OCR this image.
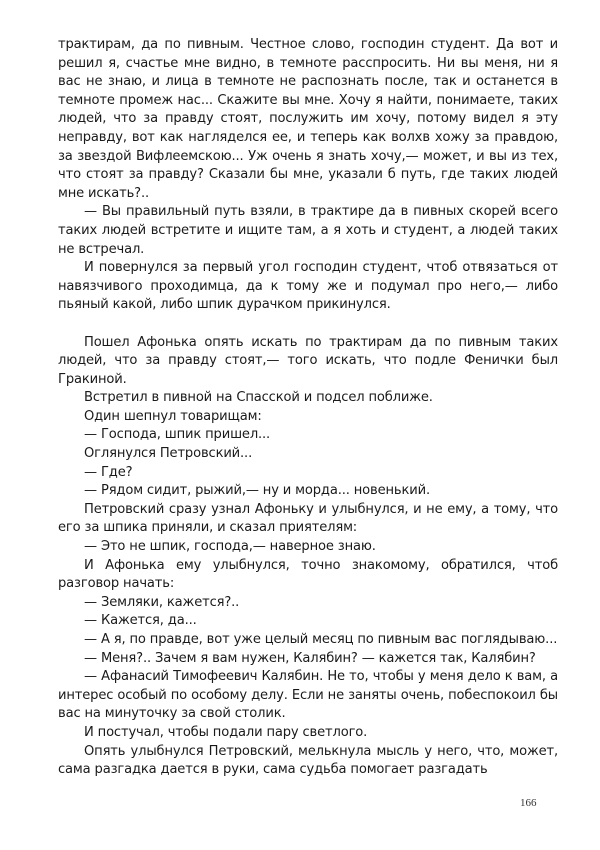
трактирам, да по пивным. Честное слово, господин студент. Да вот и решил я, счастье мне видно, в темноте расспросить. Ни вы меня, ни я вас не знаю, и лица в темноте не распознать после, так и останется в темноте промеж нас... Скажите вы мне. Хочу я найти, понимаете, таких людей, что за правду стоят, послужить им хочу, потому видел я эту неправду, вот как нагляделся ее, и теперь как волхв хожу за правдою, за звездой Вифлеемскою... Уж очень я знать хочу,— может, и вы из тех, что стоят за правду? Сказали бы мне, указали б путь, где таких людей мне искать?..

— Вы правильный путь взяли, в трактире да в пивных скорей всего таких людей встретите и ищите там, а я хоть и студент, а людей таких не встречал.

И повернулся за первый угол господин студент, чтоб отвязаться от навязчивого проходимца, да к тому же и подумал про него,— либо пьяный какой, либо шпик дурачком прикинулся.

Пошел Афонька опять искать по трактирам да по пивным таких людей, что за правду стоят,— того искать, что подле Фенички был Гракиной.

Встретил в пивной на Спасской и подсел поближе.

Один шепнул товарищам:

— Господа, шпик пришел...

Оглянулся Петровский...

— Где?

— Рядом сидит, рыжий,— ну и морда... новенький.

Петровский сразу узнал Афоньку и улыбнулся, и не ему, а тому, что его за шпика приняли, и сказал приятелям:

— Это не шпик, господа,— наверное знаю.

И Афонька ему улыбнулся, точно знакомому, обратился, чтоб разговор начать:

— Земляки, кажется?..

— Кажется, да...

— А я, по правде, вот уже целый месяц по пивным вас поглядываю...

— Меня?.. Зачем я вам нужен, Калябин? — кажется так, Калябин?

— Афанасий Тимофеевич Калябин. Не то, чтобы у меня дело к вам, а интерес особый по особому делу. Если не заняты очень, побеспокоил бы вас на минуточку за свой столик.

И постучал, чтобы подали пару светлого.

Опять улыбнулся Петровский, мелькнула мысль у него, что, может, сама разгадка дается в руки, сама судьба помогает разгадать

166
